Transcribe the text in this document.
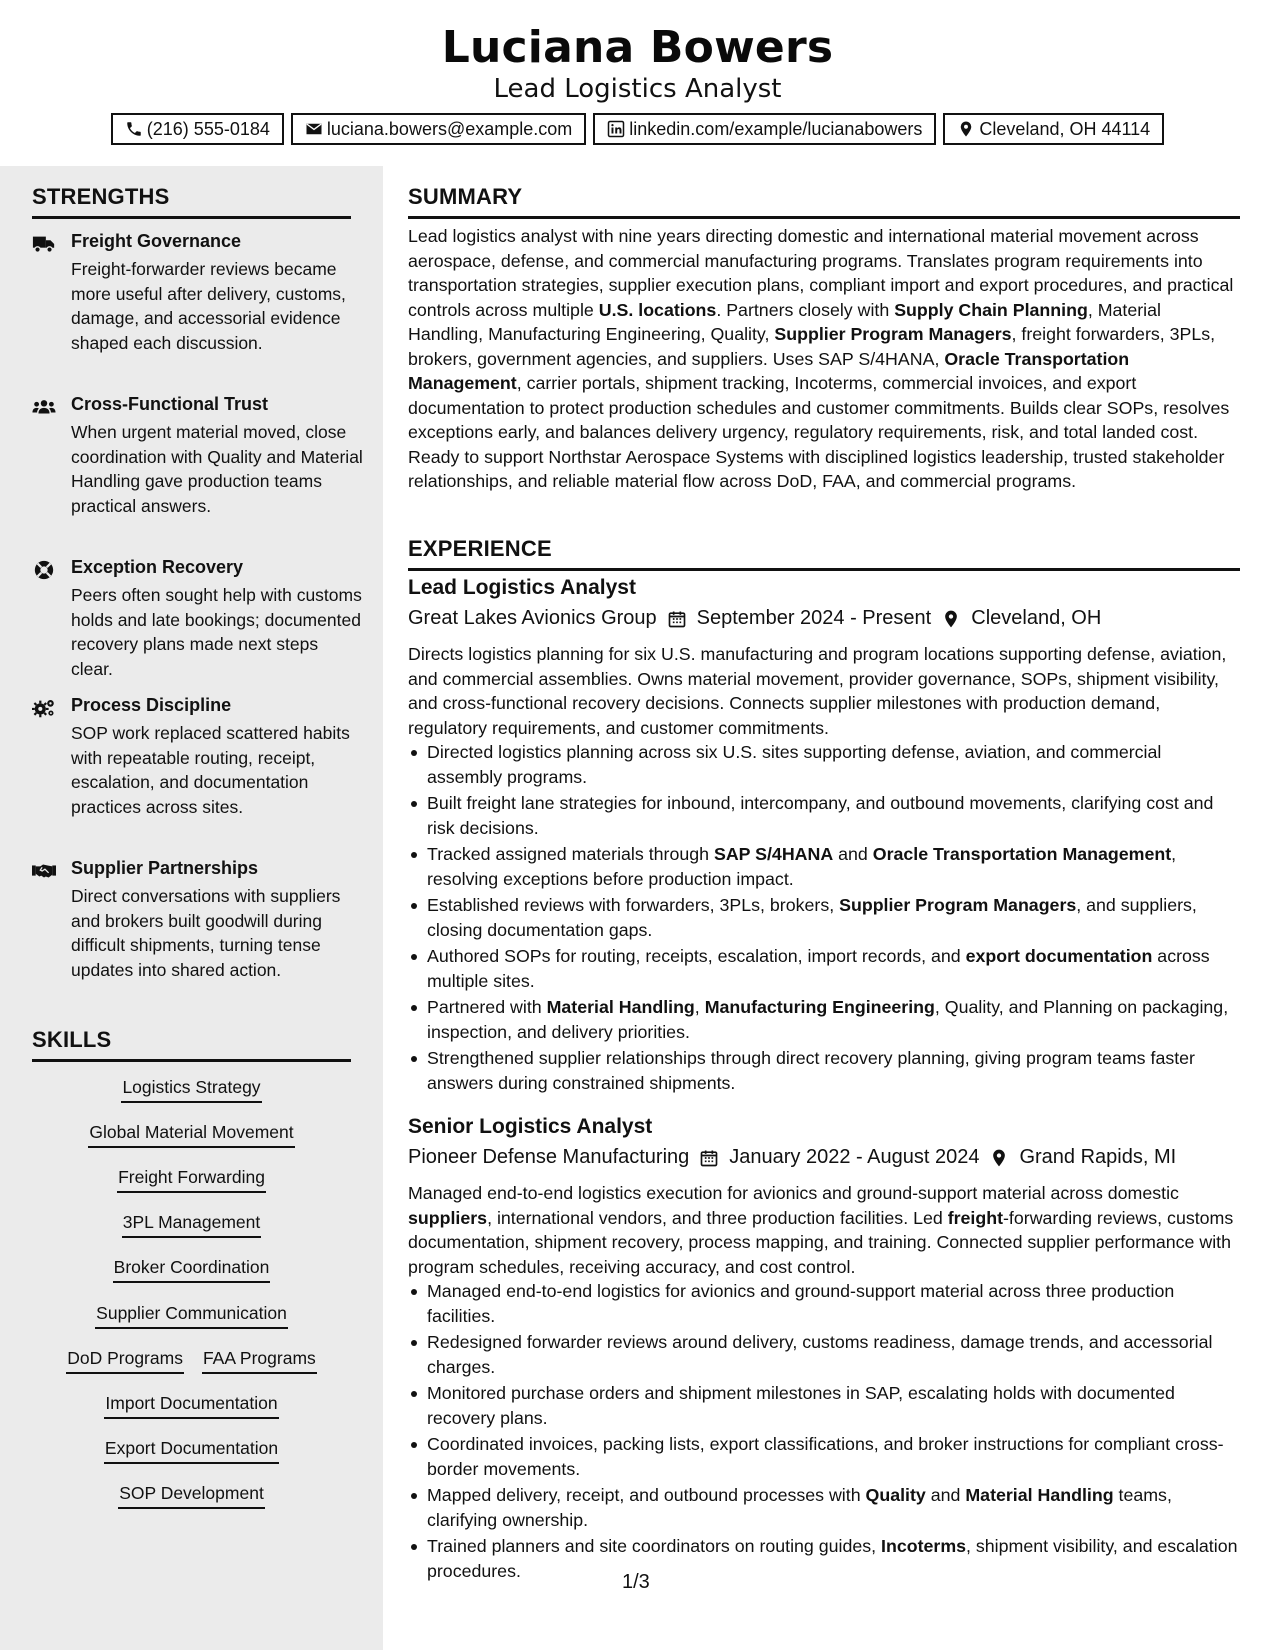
Luciana Bowers
Lead Logistics Analyst
(216) 555-0184	luciana.bowers@example.com	linkedin.com/example/lucianabowers	Cleveland, OH 44114
STRENGTHS
Freight Governance
Freight-forwarder reviews became more useful after delivery, customs, damage, and accessorial evidence shaped each discussion.
Cross-Functional Trust
When urgent material moved, close coordination with Quality and Material Handling gave production teams practical answers.
Exception Recovery
Peers often sought help with customs holds and late bookings; documented recovery plans made next steps clear.
Process Discipline
SOP work replaced scattered habits with repeatable routing, receipt, escalation, and documentation practices across sites.
Supplier Partnerships
Direct conversations with suppliers and brokers built goodwill during difficult shipments, turning tense updates into shared action.
SKILLS
Logistics Strategy
Global Material Movement
Freight Forwarding
3PL Management
Broker Coordination
Supplier Communication
DoD Programs FAA Programs
Import Documentation
Export Documentation
SOP Development
SUMMARY
Lead logistics analyst with nine years directing domestic and international material movement across aerospace, defense, and commercial manufacturing programs. Translates program requirements into transportation strategies, supplier execution plans, compliant import and export procedures, and practical controls across multiple U.S. locations. Partners closely with Supply Chain Planning, Material Handling, Manufacturing Engineering, Quality, Supplier Program Managers, freight forwarders, 3PLs, brokers, government agencies, and suppliers. Uses SAP S/4HANA, Oracle Transportation Management, carrier portals, shipment tracking, Incoterms, commercial invoices, and export documentation to protect production schedules and customer commitments. Builds clear SOPs, resolves exceptions early, and balances delivery urgency, regulatory requirements, risk, and total landed cost. Ready to support Northstar Aerospace Systems with disciplined logistics leadership, trusted stakeholder relationships, and reliable material flow across DoD, FAA, and commercial programs.
EXPERIENCE
Lead Logistics Analyst
Great Lakes Avionics Group September 2024 - Present Cleveland, OH
Directs logistics planning for six U.S. manufacturing and program locations supporting defense, aviation, and commercial assemblies. Owns material movement, provider governance, SOPs, shipment visibility, and cross-functional recovery decisions. Connects supplier milestones with production demand, regulatory requirements, and customer commitments.
Directed logistics planning across six U.S. sites supporting defense, aviation, and commercial assembly programs.
Built freight lane strategies for inbound, intercompany, and outbound movements, clarifying cost and risk decisions.
Tracked assigned materials through SAP S/4HANA and Oracle Transportation Management, resolving exceptions before production impact.
Established reviews with forwarders, 3PLs, brokers, Supplier Program Managers, and suppliers, closing documentation gaps.
Authored SOPs for routing, receipts, escalation, import records, and export documentation across multiple sites.
Partnered with Material Handling, Manufacturing Engineering, Quality, and Planning on packaging, inspection, and delivery priorities.
Strengthened supplier relationships through direct recovery planning, giving program teams faster answers during constrained shipments.
Senior Logistics Analyst
Pioneer Defense Manufacturing January 2022 - August 2024 Grand Rapids, MI
Managed end-to-end logistics execution for avionics and ground-support material across domestic suppliers, international vendors, and three production facilities. Led freight-forwarding reviews, customs documentation, shipment recovery, process mapping, and training. Connected supplier performance with program schedules, receiving accuracy, and cost control.
Managed end-to-end logistics for avionics and ground-support material across three production facilities.
Redesigned forwarder reviews around delivery, customs readiness, damage trends, and accessorial charges.
Monitored purchase orders and shipment milestones in SAP, escalating holds with documented recovery plans.
Coordinated invoices, packing lists, export classifications, and broker instructions for compliant cross-border movements.
Mapped delivery, receipt, and outbound processes with Quality and Material Handling teams, clarifying ownership.
Trained planners and site coordinators on routing guides, Incoterms, shipment visibility, and escalation procedures.
1/3
